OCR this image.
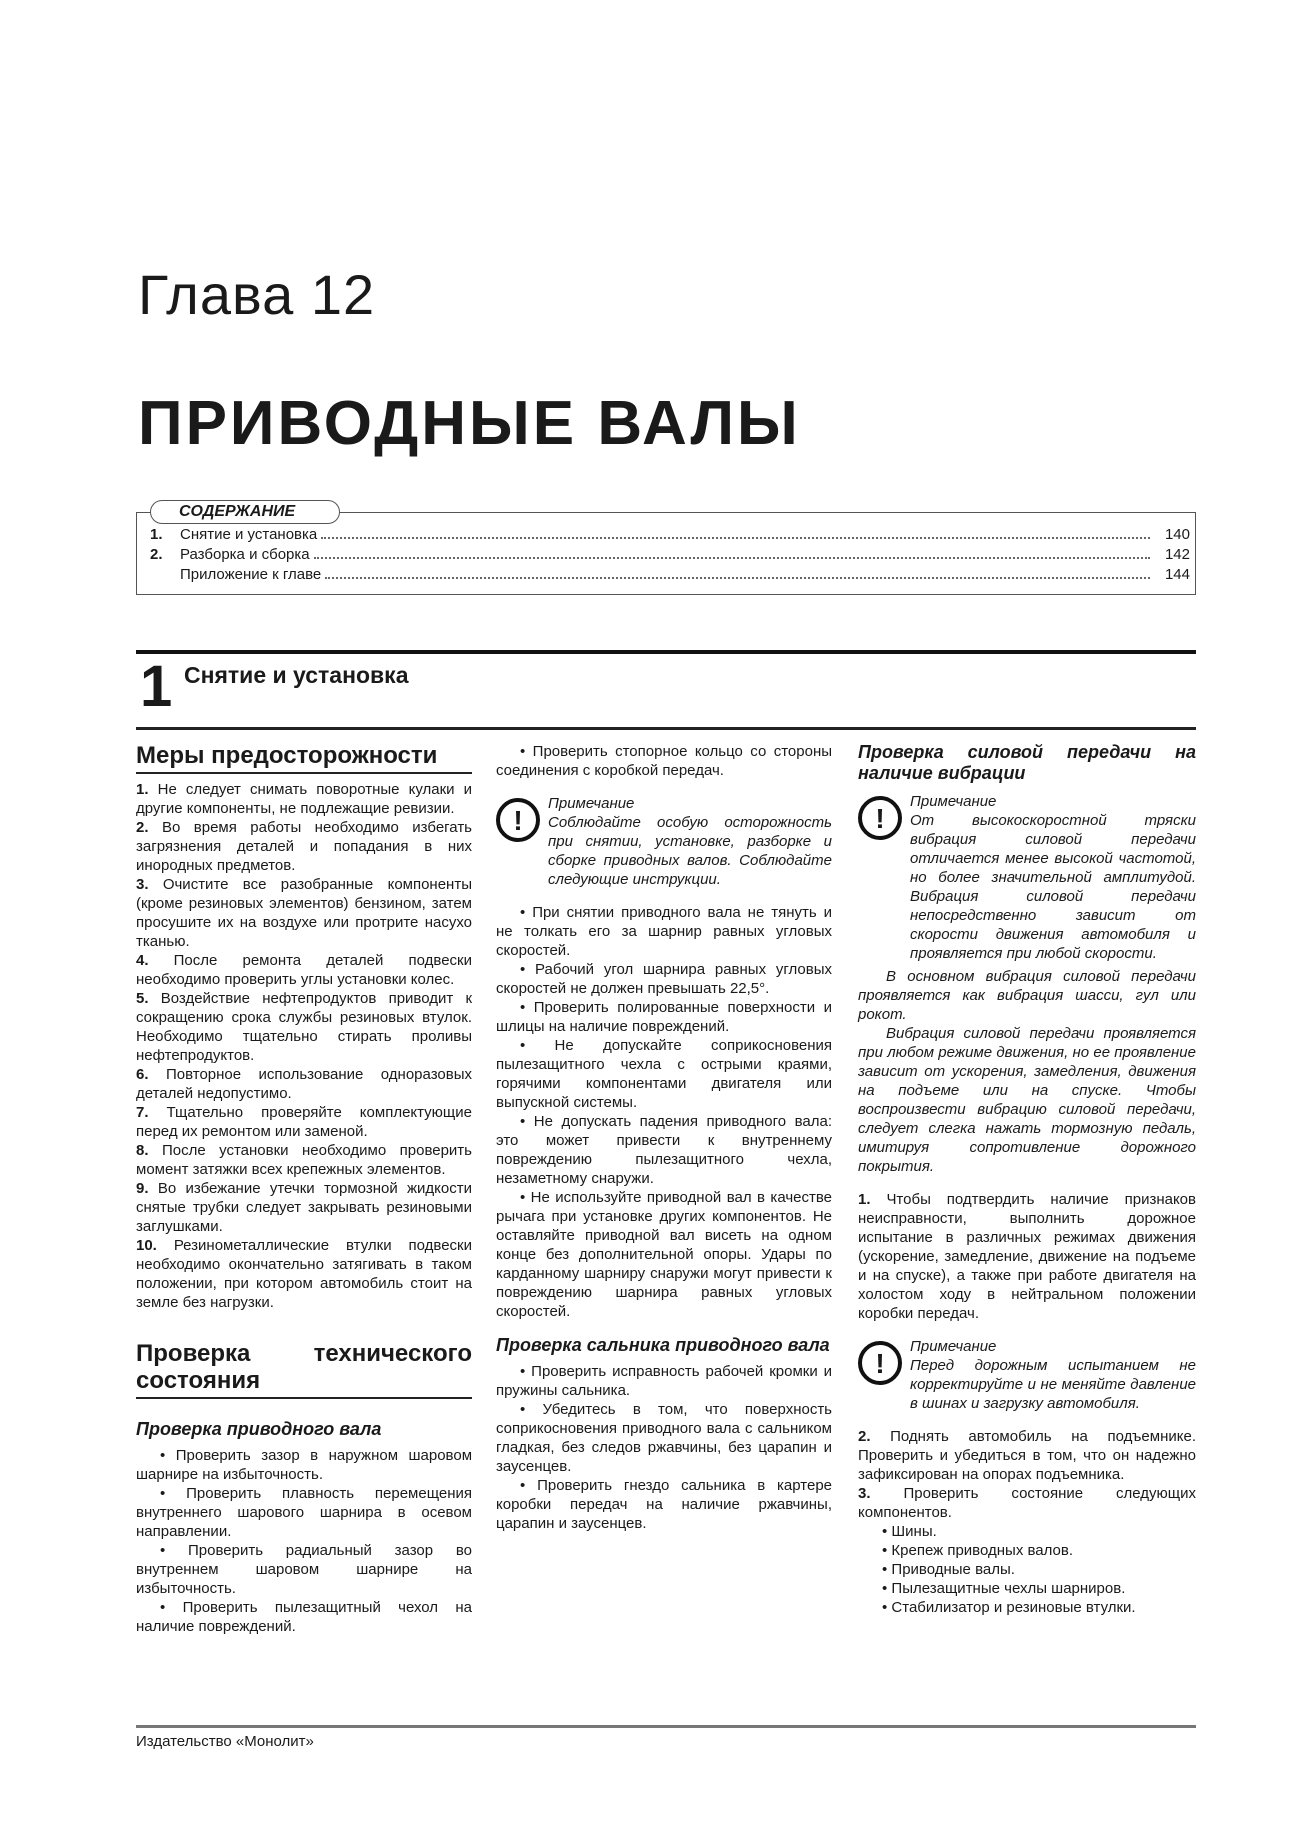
Глава 12
ПРИВОДНЫЕ ВАЛЫ
СОДЕРЖАНИЕ
1.	Снятие и установка	140
2.	Разборка и сборка	142
Приложение к главе	144
1 Снятие и установка
Меры предосторожности

1. Не следует снимать поворотные кулаки и другие компоненты, не подлежащие ревизии.

2. Во время работы необходимо избегать загрязнения деталей и попадания в них инородных предметов.

3. Очистите все разобранные компоненты (кроме резиновых элементов) бензином, затем просушите их на воздухе или протрите насухо тканью.

4. После ремонта деталей подвески необходимо проверить углы установки колес.

5. Воздействие нефтепродуктов приводит к сокращению срока службы резиновых втулок. Необходимо тщательно стирать проливы нефтепродуктов.

6. Повторное использование одноразовых деталей недопустимо.

7. Тщательно проверяйте комплектующие перед их ремонтом или заменой.

8. После установки необходимо проверить момент затяжки всех крепежных элементов.

9. Во избежание утечки тормозной жидкости снятые трубки следует закрывать резиновыми заглушками.

10. Резинометаллические втулки подвески необходимо окончательно затягивать в таком положении, при котором автомобиль стоит на земле без нагрузки.

Проверка технического состояния
Проверка приводного вала

• Проверить зазор в наружном шаровом шарнире на избыточность.

• Проверить плавность перемещения внутреннего шарового шарнира в осевом направлении.

• Проверить радиальный зазор во внутреннем шаровом шарнире на избыточность.

• Проверить пылезащитный чехол на наличие повреждений.

• Проверить стопорное кольцо со стороны соединения с коробкой передач.

!
Примечание
Соблюдайте особую осторожность при снятии, установке, разборке и сборке приводных валов. Соблюдайте следующие инструкции.

• При снятии приводного вала не тянуть и не толкать его за шарнир равных угловых скоростей.

• Рабочий угол шарнира равных угловых скоростей не должен превышать 22,5°.

• Проверить полированные поверхности и шлицы на наличие повреждений.

• Не допускайте соприкосновения пылезащитного чехла с острыми краями, горячими компонентами двигателя или выпускной системы.

• Не допускать падения приводного вала: это может привести к внутреннему повреждению пылезащитного чехла, незаметному снаружи.

• Не используйте приводной вал в качестве рычага при установке других компонентов. Не оставляйте приводной вал висеть на одном конце без дополнительной опоры. Удары по карданному шарниру снаружи могут привести к повреждению шарнира равных угловых скоростей.

Проверка сальника приводного вала

• Проверить исправность рабочей кромки и пружины сальника.

• Убедитесь в том, что поверхность соприкосновения приводного вала с сальником гладкая, без следов ржавчины, без царапин и заусенцев.

• Проверить гнездо сальника в картере коробки передач на наличие ржавчины, царапин и заусенцев.

Проверка силовой передачи на наличие вибрации
!
Примечание
От высокоскоростной тряски вибрация силовой передачи отличается менее высокой частотой, но более значительной амплитудой. Вибрация силовой передачи непосредственно зависит от скорости движения автомобиля и проявляется при любой скорости.

В основном вибрация силовой передачи проявляется как вибрация шасси, гул или рокот.

Вибрация силовой передачи проявляется при любом режиме движения, но ее проявление зависит от ускорения, замедления, движения на подъеме или на спуске. Чтобы воспроизвести вибрацию силовой передачи, следует слегка нажать тормозную педаль, имитируя сопротивление дорожного покрытия.

1. Чтобы подтвердить наличие признаков неисправности, выполнить дорожное испытание в различных режимах движения (ускорение, замедление, движение на подъеме и на спуске), а также при работе двигателя на холостом ходу в нейтральном положении коробки передач.

!
Примечание
Перед дорожным испытанием не корректируйте и не меняйте давление в шинах и загрузку автомобиля.

2. Поднять автомобиль на подъемнике. Проверить и убедиться в том, что он надежно зафиксирован на опорах подъемника.

3. Проверить состояние следующих компонентов.

• Шины.

• Крепеж приводных валов.

• Приводные валы.

• Пылезащитные чехлы шарниров.

• Стабилизатор и резиновые втулки.

Издательство «Монолит»
